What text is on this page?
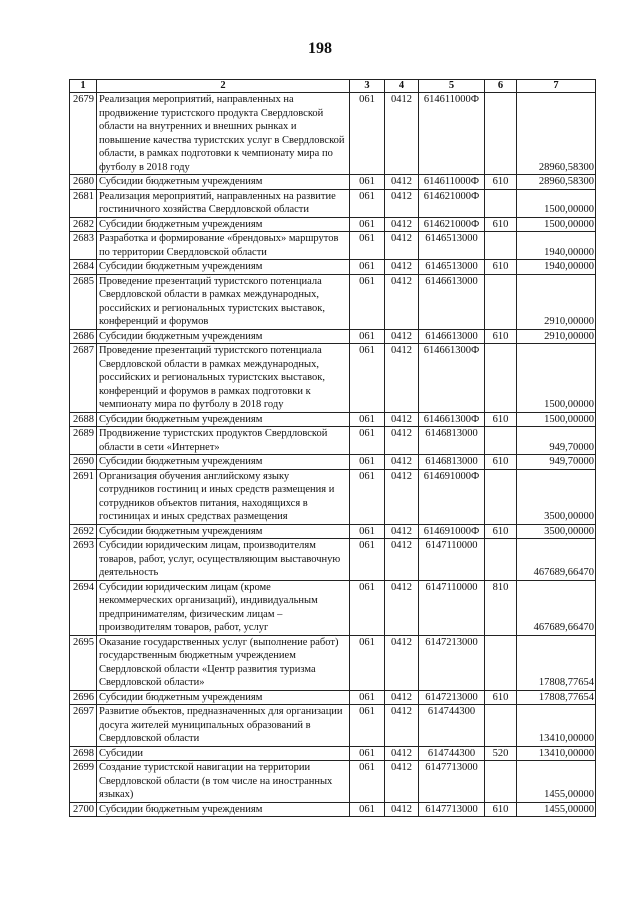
198
1	2	3	4	5	6	7
2679	Реализация мероприятий, направленных на продвижение туристского продукта Свердловской области на внутренних и внешних рынках и повышение качества туристских услуг в Свердловской области, в рамках подготовки к чемпионату мира по футболу в 2018 году	061	0412	614611000Ф		28960,58300
2680	Субсидии бюджетным учреждениям	061	0412	614611000Ф	610	28960,58300
2681	Реализация мероприятий, направленных на развитие гостиничного хозяйства Свердловской области	061	0412	614621000Ф		1500,00000
2682	Субсидии бюджетным учреждениям	061	0412	614621000Ф	610	1500,00000
2683	Разработка и формирование «брендовых» маршрутов по территории Свердловской области	061	0412	6146513000		1940,00000
2684	Субсидии бюджетным учреждениям	061	0412	6146513000	610	1940,00000
2685	Проведение презентаций туристского потенциала Свердловской области в рамках международных, российских и региональных туристских выставок, конференций и форумов	061	0412	6146613000		2910,00000
2686	Субсидии бюджетным учреждениям	061	0412	6146613000	610	2910,00000
2687	Проведение презентаций туристского потенциала Свердловской области в рамках международных, российских и региональных туристских выставок, конференций и форумов в рамках подготовки к чемпионату мира по футболу в 2018 году	061	0412	614661300Ф		1500,00000
2688	Субсидии бюджетным учреждениям	061	0412	614661300Ф	610	1500,00000
2689	Продвижение туристских продуктов Свердловской области в сети «Интернет»	061	0412	6146813000		949,70000
2690	Субсидии бюджетным учреждениям	061	0412	6146813000	610	949,70000
2691	Организация обучения английскому языку сотрудников гостиниц и иных средств размещения и сотрудников объектов питания, находящихся в гостиницах и иных средствах размещения	061	0412	614691000Ф		3500,00000
2692	Субсидии бюджетным учреждениям	061	0412	614691000Ф	610	3500,00000
2693	Субсидии юридическим лицам, производителям товаров, работ, услуг, осуществляющим выставочную деятельность	061	0412	6147110000		467689,66470
2694	Субсидии юридическим лицам (кроме некоммерческих организаций), индивидуальным предпринимателям, физическим лицам – производителям товаров, работ, услуг	061	0412	6147110000	810	467689,66470
2695	Оказание государственных услуг (выполнение работ) государственным бюджетным учреждением Свердловской области «Центр развития туризма Свердловской области»	061	0412	6147213000		17808,77654
2696	Субсидии бюджетным учреждениям	061	0412	6147213000	610	17808,77654
2697	Развитие объектов, предназначенных для организации досуга жителей муниципальных образований в Свердловской области	061	0412	614744300		13410,00000
2698	Субсидии	061	0412	614744300	520	13410,00000
2699	Создание туристской навигации на территории Свердловской области (в том числе на иностранных языках)	061	0412	6147713000		1455,00000
2700	Субсидии бюджетным учреждениям	061	0412	6147713000	610	1455,00000
